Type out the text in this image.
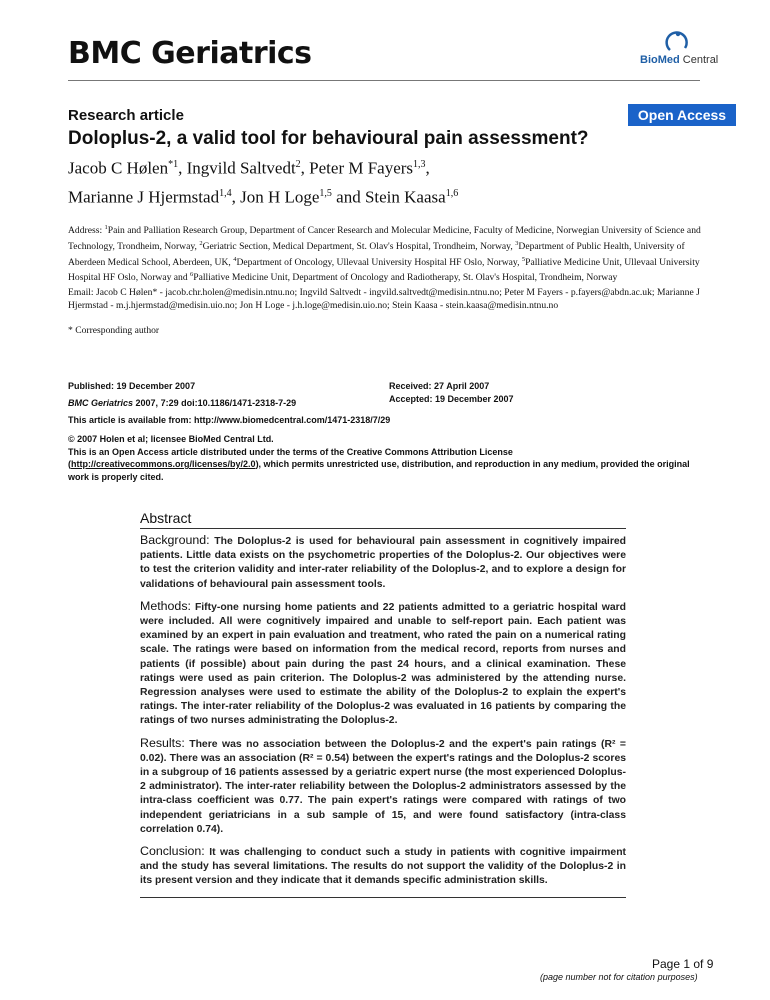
BMC Geriatrics	BioMed Central
Research article	Open Access
Doloplus-2, a valid tool for behavioural pain assessment?
Jacob C Hølen$^{*1}$, Ingvild Saltvedt$^2$, Peter M Fayers$^{1,3}$,
Marianne J Hjermstad$^{1,4}$, Jon H Loge$^{1,5}$ and Stein Kaasa$^{1,6}$
Address: $^1$Pain and Palliation Research Group, Department of Cancer Research and Molecular Medicine, Faculty of Medicine, Norwegian University of Science and Technology, Trondheim, Norway, $^2$Geriatric Section, Medical Department, St. Olav's Hospital, Trondheim, Norway, $^3$Department of Public Health, University of Aberdeen Medical School, Aberdeen, UK, $^4$Department of Oncology, Ullevaal University Hospital HF Oslo, Norway, $^5$Palliative Medicine Unit, Ullevaal University Hospital HF Oslo, Norway and $^6$Palliative Medicine Unit, Department of Oncology and Radiotherapy, St. Olav's Hospital, Trondheim, Norway
Email: Jacob C Hølen* - jacob.chr.holen@medisin.ntnu.no; Ingvild Saltvedt - ingvild.saltvedt@medisin.ntnu.no; Peter M Fayers - p.fayers@abdn.ac.uk; Marianne J Hjermstad - m.j.hjermstad@medisin.uio.no; Jon H Loge - j.h.loge@medisin.uio.no; Stein Kaasa - stein.kaasa@medisin.ntnu.no
* Corresponding author
Published: 19 December 2007
BMC Geriatrics 2007, 7:29 doi:10.1186/1471-2318-7-29
This article is available from: http://www.biomedcentral.com/1471-2318/7/29
Received: 27 April 2007
Accepted: 19 December 2007
© 2007 Holen et al; licensee BioMed Central Ltd.
This is an Open Access article distributed under the terms of the Creative Commons Attribution License (http://creativecommons.org/licenses/by/2.0), which permits unrestricted use, distribution, and reproduction in any medium, provided the original work is properly cited.
Abstract

Background: The Doloplus-2 is used for behavioural pain assessment in cognitively impaired patients. Little data exists on the psychometric properties of the Doloplus-2. Our objectives were to test the criterion validity and inter-rater reliability of the Doloplus-2, and to explore a design for validations of behavioural pain assessment tools.

Methods: Fifty-one nursing home patients and 22 patients admitted to a geriatric hospital ward were included. All were cognitively impaired and unable to self-report pain. Each patient was examined by an expert in pain evaluation and treatment, who rated the pain on a numerical rating scale. The ratings were based on information from the medical record, reports from nurses and patients (if possible) about pain during the past 24 hours, and a clinical examination. These ratings were used as pain criterion. The Doloplus-2 was administered by the attending nurse. Regression analyses were used to estimate the ability of the Doloplus-2 to explain the expert's ratings. The inter-rater reliability of the Doloplus-2 was evaluated in 16 patients by comparing the ratings of two nurses administrating the Doloplus-2.

Results: There was no association between the Doloplus-2 and the expert's pain ratings (R² = 0.02). There was an association (R² = 0.54) between the expert's ratings and the Doloplus-2 scores in a subgroup of 16 patients assessed by a geriatric expert nurse (the most experienced Doloplus-2 administrator). The inter-rater reliability between the Doloplus-2 administrators assessed by the intra-class coefficient was 0.77. The pain expert's ratings were compared with ratings of two independent geriatricians in a sub sample of 15, and were found satisfactory (intra-class correlation 0.74).

Conclusion: It was challenging to conduct such a study in patients with cognitive impairment and the study has several limitations. The results do not support the validity of the Doloplus-2 in its present version and they indicate that it demands specific administration skills.

Page 1 of 9
(page number not for citation purposes)
